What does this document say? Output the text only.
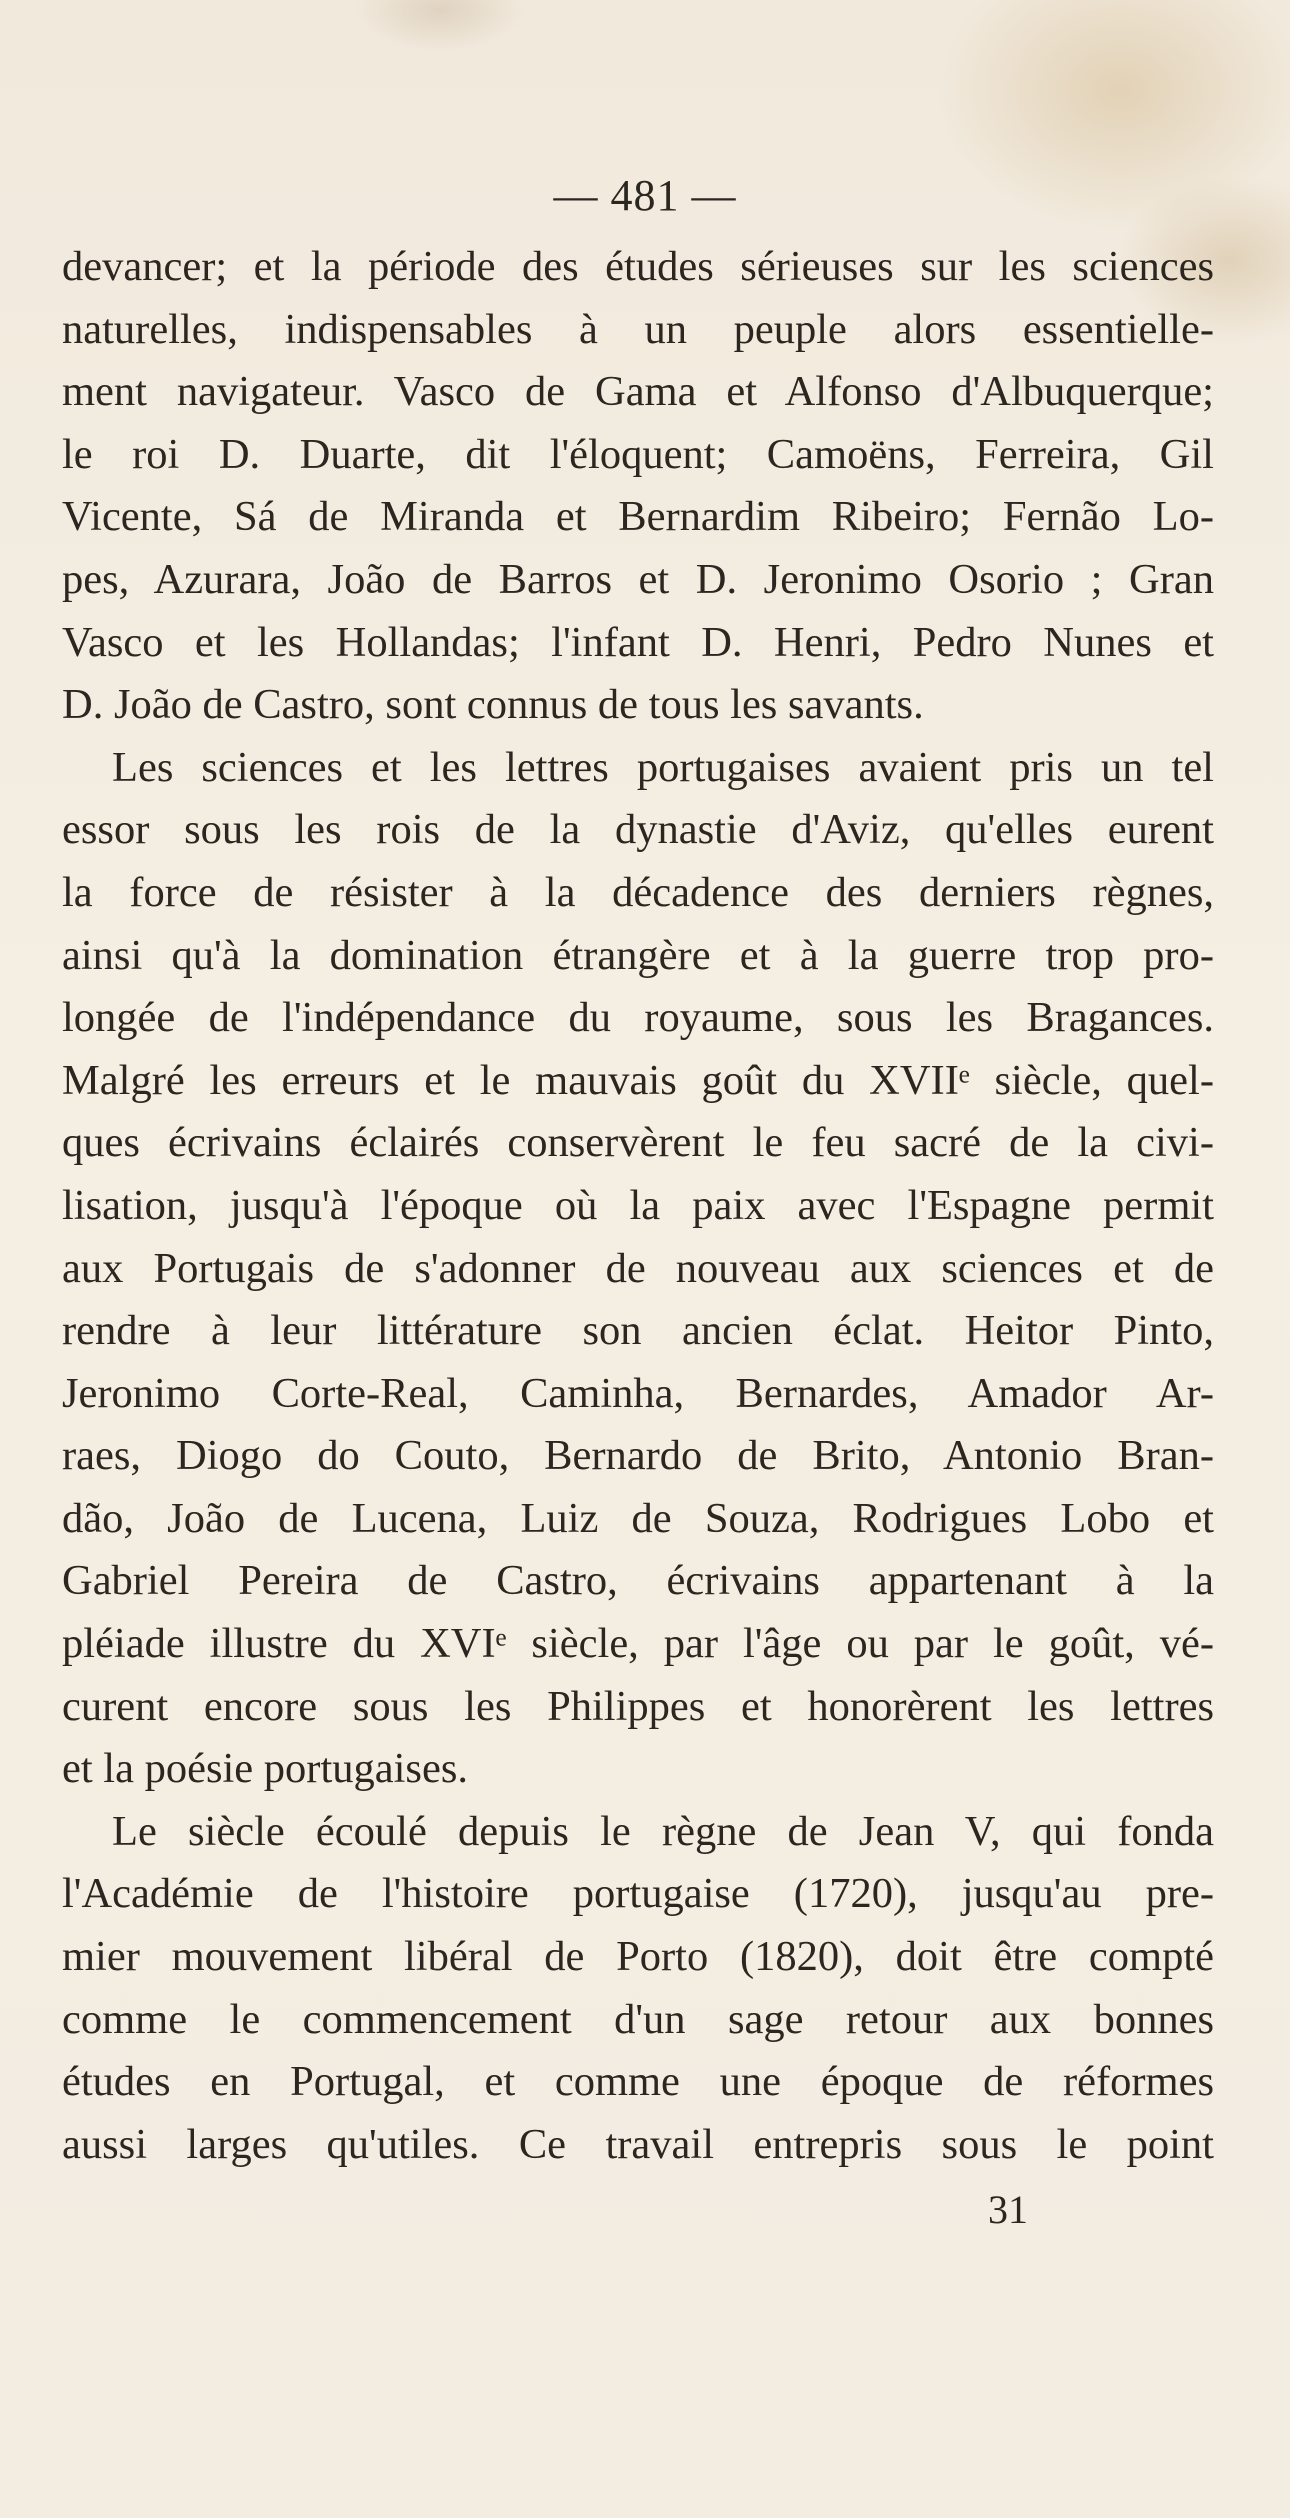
— 481 —
devancer; et la période des études sérieuses sur les sciences
naturelles, indispensables à un peuple alors essentielle-
ment navigateur. Vasco de Gama et Alfonso d'Albuquerque;
le roi D. Duarte, dit l'éloquent; Camoëns, Ferreira, Gil
Vicente, Sá de Miranda et Bernardim Ribeiro; Fernão Lo-
pes, Azurara, João de Barros et D. Jeronimo Osorio ; Gran
Vasco et les Hollandas; l'infant D. Henri, Pedro Nunes et
D. João de Castro, sont connus de tous les savants.
Les sciences et les lettres portugaises avaient pris un tel
essor sous les rois de la dynastie d'Aviz, qu'elles eurent
la force de résister à la décadence des derniers règnes,
ainsi qu'à la domination étrangère et à la guerre trop pro-
longée de l'indépendance du royaume, sous les Bragances.
Malgré les erreurs et le mauvais goût du XVIIᵉ siècle, quel-
ques écrivains éclairés conservèrent le feu sacré de la civi-
lisation, jusqu'à l'époque où la paix avec l'Espagne permit
aux Portugais de s'adonner de nouveau aux sciences et de
rendre à leur littérature son ancien éclat. Heitor Pinto,
Jeronimo Corte-Real, Caminha, Bernardes, Amador Ar-
raes, Diogo do Couto, Bernardo de Brito, Antonio Bran-
dão, João de Lucena, Luiz de Souza, Rodrigues Lobo et
Gabriel Pereira de Castro, écrivains appartenant à la
pléiade illustre du XVIᵉ siècle, par l'âge ou par le goût, vé-
curent encore sous les Philippes et honorèrent les lettres
et la poésie portugaises.
Le siècle écoulé depuis le règne de Jean V, qui fonda
l'Académie de l'histoire portugaise (1720), jusqu'au pre-
mier mouvement libéral de Porto (1820), doit être compté
comme le commencement d'un sage retour aux bonnes
études en Portugal, et comme une époque de réformes
aussi larges qu'utiles. Ce travail entrepris sous le point
31
